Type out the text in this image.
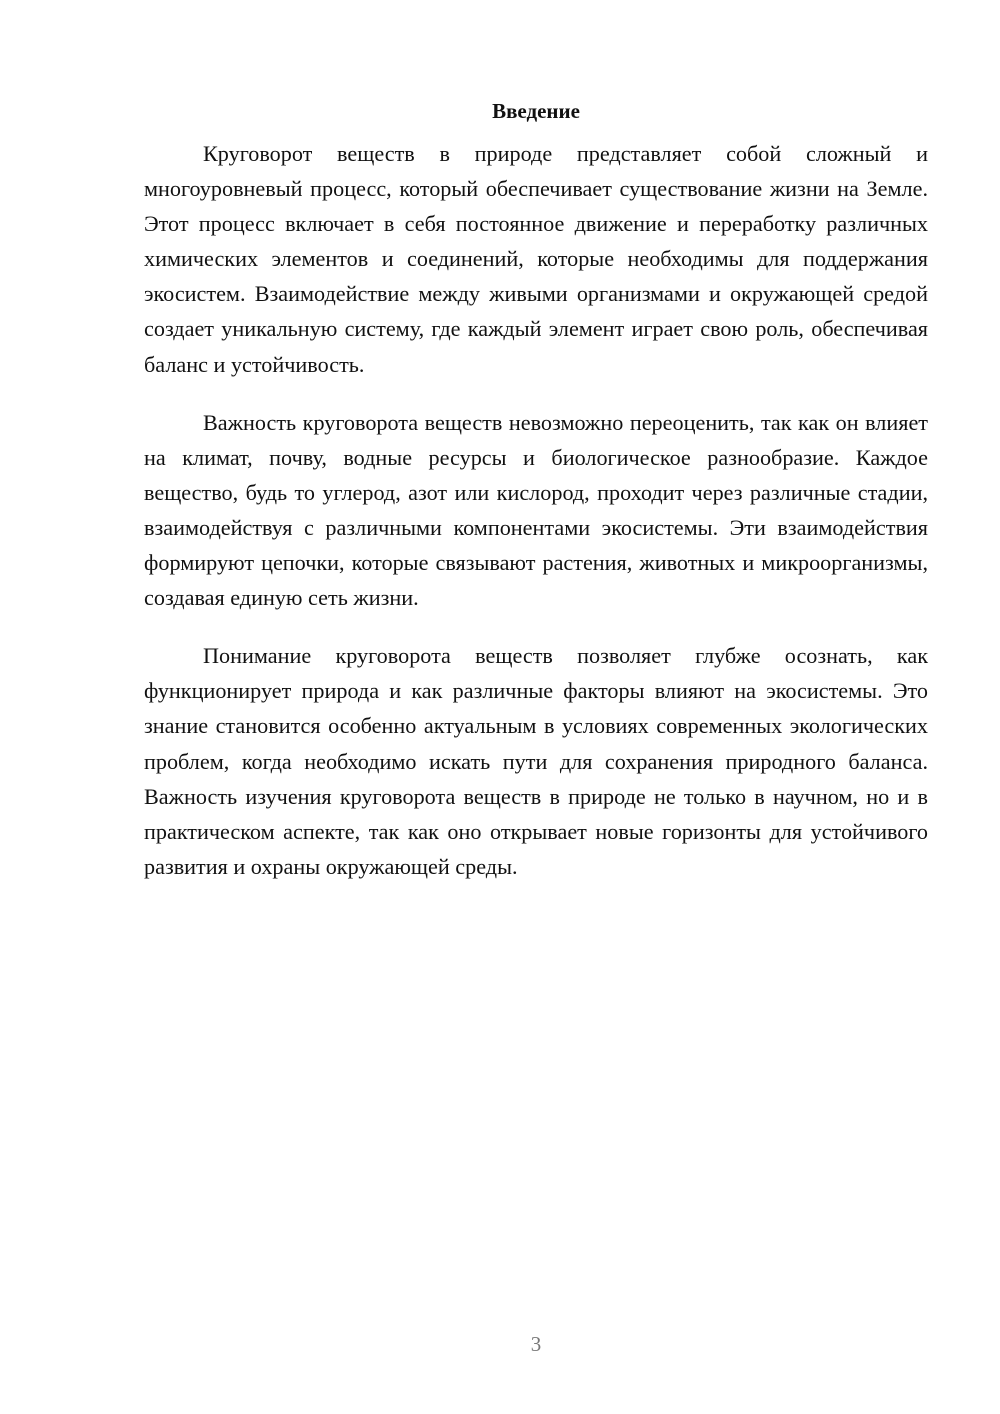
Введение

Круговорот веществ в природе представляет собой сложный и многоуровневый процесс, который обеспечивает существование жизни на Земле. Этот процесс включает в себя постоянное движение и переработку различных химических элементов и соединений, которые необходимы для поддержания экосистем. Взаимодействие между живыми организмами и окружающей средой создает уникальную систему, где каждый элемент играет свою роль, обеспечивая баланс и устойчивость.

Важность круговорота веществ невозможно переоценить, так как он влияет на климат, почву, водные ресурсы и биологическое разнообразие. Каждое вещество, будь то углерод, азот или кислород, проходит через различные стадии, взаимодействуя с различными компонентами экосистемы. Эти взаимодействия формируют цепочки, которые связывают растения, животных и микроорганизмы, создавая единую сеть жизни.

Понимание круговорота веществ позволяет глубже осознать, как функционирует природа и как различные факторы влияют на экосистемы. Это знание становится особенно актуальным в условиях современных экологических проблем, когда необходимо искать пути для сохранения природного баланса. Важность изучения круговорота веществ в природе не только в научном, но и в практическом аспекте, так как оно открывает новые горизонты для устойчивого развития и охраны окружающей среды.

3
